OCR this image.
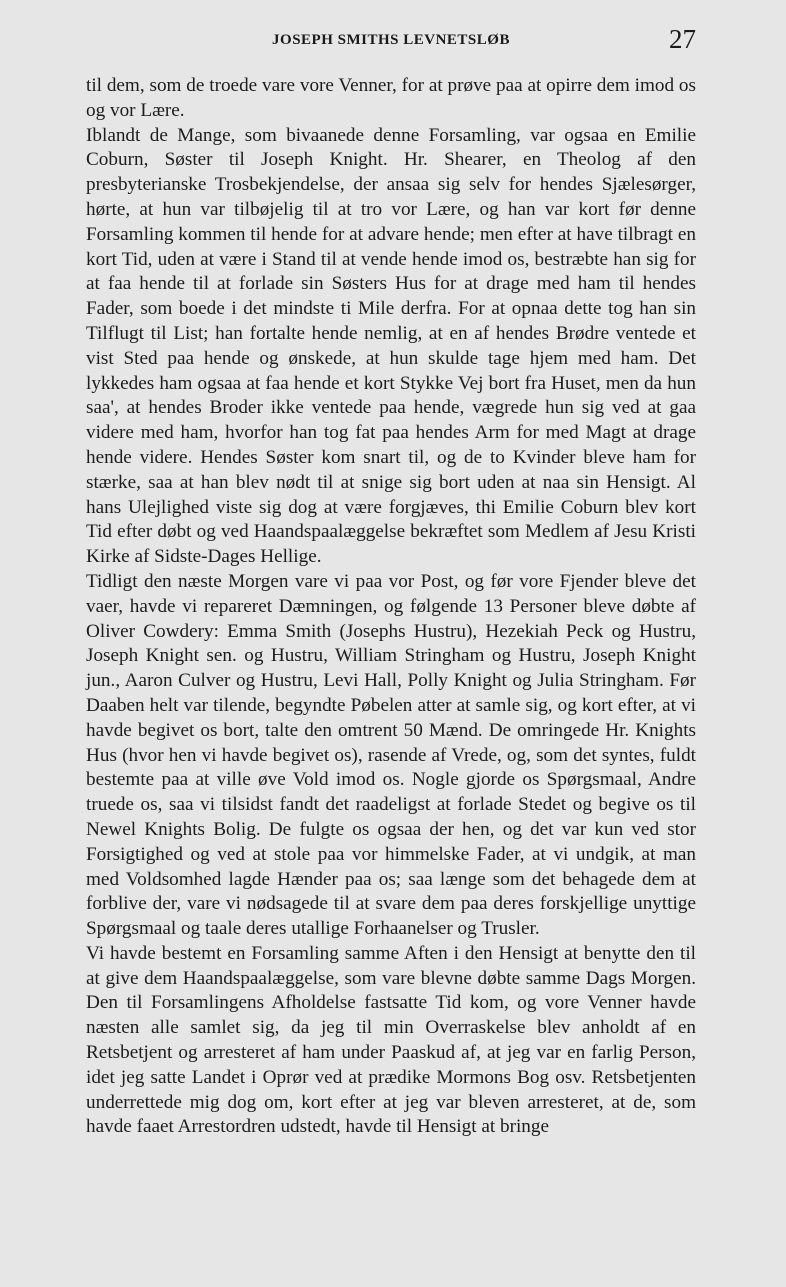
JOSEPH SMITHS LEVNETSLØB	27

til dem, som de troede vare vore Venner, for at prøve paa at opirre dem imod os og vor Lære.

Iblandt de Mange, som bivaanede denne Forsamling, var ogsaa en Emilie Coburn, Søster til Joseph Knight. Hr. Shearer, en Theolog af den presbyterianske Trosbekjendelse, der ansaa sig selv for hendes Sjælesørger, hørte, at hun var tilbøjelig til at tro vor Lære, og han var kort før denne Forsamling kommen til hende for at advare hende; men efter at have tilbragt en kort Tid, uden at være i Stand til at vende hende imod os, bestræbte han sig for at faa hende til at forlade sin Søsters Hus for at drage med ham til hendes Fader, som boede i det mindste ti Mile derfra. For at opnaa dette tog han sin Tilflugt til List; han fortalte hende nemlig, at en af hendes Brødre ventede et vist Sted paa hende og ønskede, at hun skulde tage hjem med ham. Det lykkedes ham ogsaa at faa hende et kort Stykke Vej bort fra Huset, men da hun saa', at hendes Broder ikke ventede paa hende, vægrede hun sig ved at gaa videre med ham, hvorfor han tog fat paa hendes Arm for med Magt at drage hende videre. Hendes Søster kom snart til, og de to Kvinder bleve ham for stærke, saa at han blev nødt til at snige sig bort uden at naa sin Hensigt. Al hans Ulejlighed viste sig dog at være forgjæves, thi Emilie Coburn blev kort Tid efter døbt og ved Haandspaalæggelse bekræftet som Medlem af Jesu Kristi Kirke af Sidste-Dages Hellige.

Tidligt den næste Morgen vare vi paa vor Post, og før vore Fjender bleve det vaer, havde vi repareret Dæmningen, og følgende 13 Personer bleve døbte af Oliver Cowdery: Emma Smith (Josephs Hustru), Hezekiah Peck og Hustru, Joseph Knight sen. og Hustru, William Stringham og Hustru, Joseph Knight jun., Aaron Culver og Hustru, Levi Hall, Polly Knight og Julia Stringham. Før Daaben helt var tilende, begyndte Pøbelen atter at samle sig, og kort efter, at vi havde begivet os bort, talte den omtrent 50 Mænd. De omringede Hr. Knights Hus (hvor hen vi havde begivet os), rasende af Vrede, og, som det syntes, fuldt bestemte paa at ville øve Vold imod os. Nogle gjorde os Spørgsmaal, Andre truede os, saa vi tilsidst fandt det raadeligst at forlade Stedet og begive os til Newel Knights Bolig. De fulgte os ogsaa der hen, og det var kun ved stor Forsigtighed og ved at stole paa vor himmelske Fader, at vi undgik, at man med Voldsomhed lagde Hænder paa os; saa længe som det behagede dem at forblive der, vare vi nødsagede til at svare dem paa deres forskjellige unyttige Spørgsmaal og taale deres utallige Forhaanelser og Trusler.

Vi havde bestemt en Forsamling samme Aften i den Hensigt at benytte den til at give dem Haandspaalæggelse, som vare blevne døbte samme Dags Morgen. Den til Forsamlingens Afholdelse fastsatte Tid kom, og vore Venner havde næsten alle samlet sig, da jeg til min Overraskelse blev anholdt af en Retsbetjent og arresteret af ham under Paaskud af, at jeg var en farlig Person, idet jeg satte Landet i Oprør ved at prædike Mormons Bog osv. Retsbetjenten underrettede mig dog om, kort efter at jeg var bleven arresteret, at de, som havde faaet Arrestordren udstedt, havde til Hensigt at bringe
